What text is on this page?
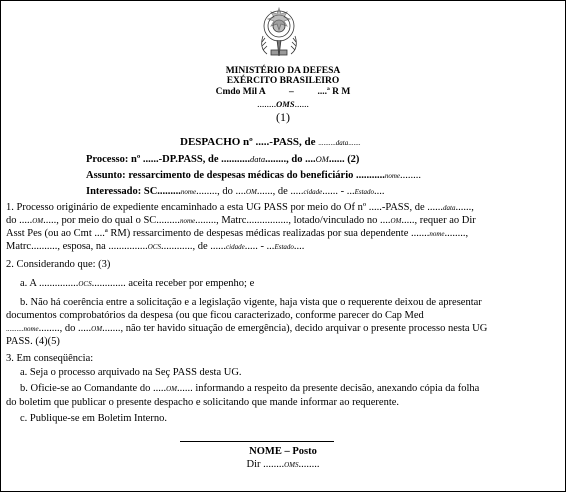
MINISTÉRIO DA DEFESA
EXÉRCITO BRASILEIRO
Cmdo Mil A          –          ....ª R M
........OMS......
(1)
DESPACHO nº .....-PASS, de ..........data.......
Processo: nº ......-DP.PASS, de ...........data........, do ....OM...... (2)
Assunto: ressarcimento de despesas médicas do beneficiário ...........nome........
Interessado: SC.........nome........, do ....OM......, de .....cidade...... - ...Estado....
1. Processo originário de expediente encaminhado a esta UG PASS por meio do Of nº .....-PASS, de ......data......,
do .....OM....., por meio do qual o SC.........nome........, Matrc................, lotado/vinculado no ....OM....., requer ao Dir
Asst Pes (ou ao Cmt ....ª RM) ressarcimento de despesas médicas realizadas por sua dependente .......nome........,
Matrc.........., esposa, na ...............OCS............, de ......cidade..... - ...Estado....
2. Considerando que: (3)
a. A ...............OCS............. aceita receber por empenho; e
b. Não há coerência entre a solicitação e a legislação vigente, haja vista que o requerente deixou de apresentar
documentos comprobatórios da despesa (ou que ficou caracterizado, conforme parecer do Cap Med
..........nome........, do .....OM......., não ter havido situação de emergência), decido arquivar o presente processo nesta UG
PASS. (4)(5)
3. Em conseqüência:
a. Seja o processo arquivado na Seç PASS desta UG.
b. Oficie-se ao Comandante do .....OM...... informando a respeito da presente decisão, anexando cópia da folha
do boletim que publicar o presente despacho e solicitando que mande informar ao requerente.
c. Publique-se em Boletim Interno.
NOME – Posto
Dir ........OMS........
